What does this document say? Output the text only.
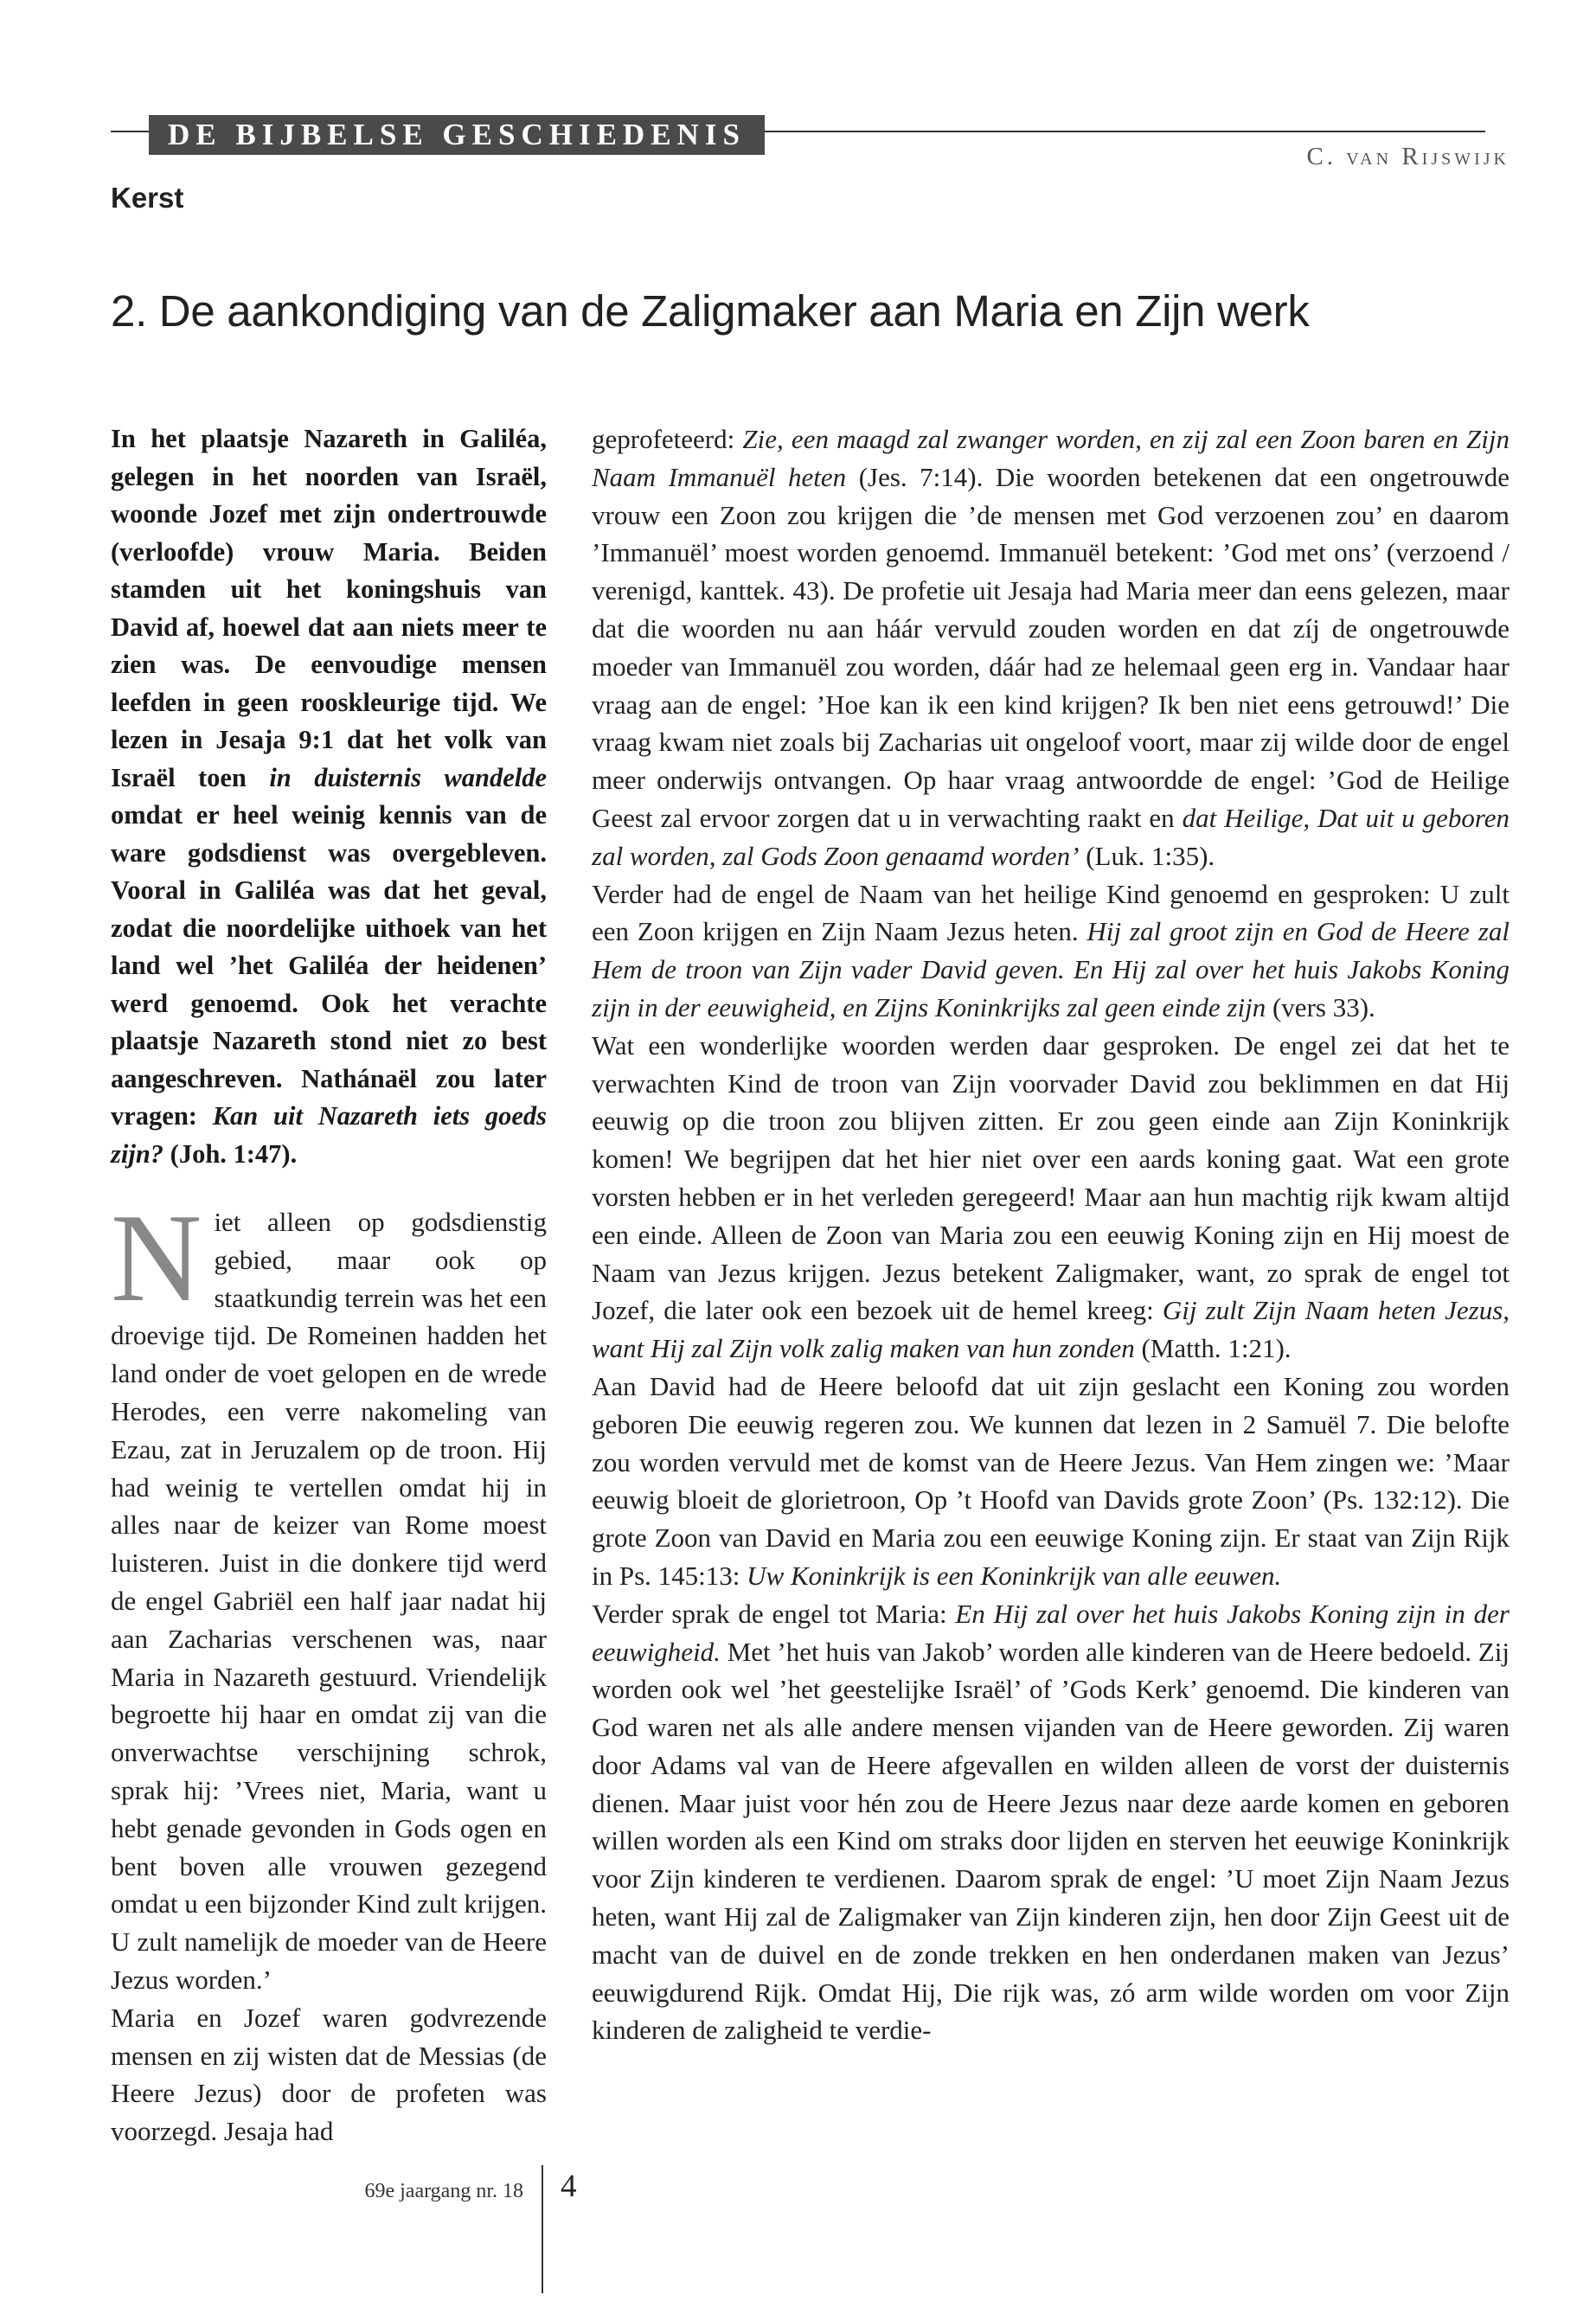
DE BIJBELSE GESCHIEDENIS
C. van Rijswijk
Kerst
2. De aankondiging van de Zaligmaker aan Maria en Zijn werk

In het plaatsje Nazareth in Galiléa, gelegen in het noorden van Israël, woonde Jozef met zijn ondertrouwde (verloofde) vrouw Maria. Beiden stamden uit het koningshuis van David af, hoewel dat aan niets meer te zien was. De eenvoudige mensen leefden in geen rooskleurige tijd. We lezen in Jesaja 9:1 dat het volk van Israël toen in duisternis wandelde omdat er heel weinig kennis van de ware godsdienst was overgebleven. Vooral in Galiléa was dat het geval, zodat die noordelijke uithoek van het land wel ’het Galiléa der heidenen’ werd genoemd. Ook het verachte plaatsje Nazareth stond niet zo best aangeschreven. Nathánaël zou later vragen: Kan uit Nazareth iets goeds zijn? (Joh. 1:47).

Niet alleen op godsdienstig gebied, maar ook op staatkundig terrein was het een droevige tijd. De Romeinen hadden het land onder de voet gelopen en de wrede Herodes, een verre nakomeling van Ezau, zat in Jeruzalem op de troon. Hij had weinig te vertellen omdat hij in alles naar de keizer van Rome moest luisteren. Juist in die donkere tijd werd de engel Gabriël een half jaar nadat hij aan Zacharias verschenen was, naar Maria in Nazareth gestuurd. Vriendelijk begroette hij haar en omdat zij van die onverwachtse verschijning schrok, sprak hij: ’Vrees niet, Maria, want u hebt genade gevonden in Gods ogen en bent boven alle vrouwen gezegend omdat u een bijzonder Kind zult krijgen. U zult namelijk de moeder van de Heere Jezus worden.’

Maria en Jozef waren godvrezende mensen en zij wisten dat de Messias (de Heere Jezus) door de profeten was voorzegd. Jesaja had

geprofeteerd: Zie, een maagd zal zwanger worden, en zij zal een Zoon baren en Zijn Naam Immanuël heten (Jes. 7:14). Die woorden betekenen dat een ongetrouwde vrouw een Zoon zou krijgen die ’de mensen met God verzoenen zou’ en daarom ’Immanuël’ moest worden genoemd. Immanuël betekent: ’God met ons’ (verzoend / verenigd, kanttek. 43). De profetie uit Jesaja had Maria meer dan eens gelezen, maar dat die woorden nu aan háár vervuld zouden worden en dat zíj de ongetrouwde moeder van Immanuël zou worden, dáár had ze helemaal geen erg in. Vandaar haar vraag aan de engel: ’Hoe kan ik een kind krijgen? Ik ben niet eens getrouwd!’ Die vraag kwam niet zoals bij Zacharias uit ongeloof voort, maar zij wilde door de engel meer onderwijs ontvangen. Op haar vraag antwoordde de engel: ’God de Heilige Geest zal ervoor zorgen dat u in verwachting raakt en dat Heilige, Dat uit u geboren zal worden, zal Gods Zoon genaamd worden’ (Luk. 1:35).

Verder had de engel de Naam van het heilige Kind genoemd en gesproken: U zult een Zoon krijgen en Zijn Naam Jezus heten. Hij zal groot zijn en God de Heere zal Hem de troon van Zijn vader David geven. En Hij zal over het huis Jakobs Koning zijn in der eeuwigheid, en Zijns Koninkrijks zal geen einde zijn (vers 33).

Wat een wonderlijke woorden werden daar gesproken. De engel zei dat het te verwachten Kind de troon van Zijn voorvader David zou beklimmen en dat Hij eeuwig op die troon zou blijven zitten. Er zou geen einde aan Zijn Koninkrijk komen! We begrijpen dat het hier niet over een aards koning gaat. Wat een grote vorsten hebben er in het verleden geregeerd! Maar aan hun machtig rijk kwam altijd een einde. Alleen de Zoon van Maria zou een eeuwig Koning zijn en Hij moest de Naam van Jezus krijgen. Jezus betekent Zaligmaker, want, zo sprak de engel tot Jozef, die later ook een bezoek uit de hemel kreeg: Gij zult Zijn Naam heten Jezus, want Hij zal Zijn volk zalig maken van hun zonden (Matth. 1:21).

Aan David had de Heere beloofd dat uit zijn geslacht een Koning zou worden geboren Die eeuwig regeren zou. We kunnen dat lezen in 2 Samuël 7. Die belofte zou worden vervuld met de komst van de Heere Jezus. Van Hem zingen we: ’Maar eeuwig bloeit de glorietroon, Op ’t Hoofd van Davids grote Zoon’ (Ps. 132:12). Die grote Zoon van David en Maria zou een eeuwige Koning zijn. Er staat van Zijn Rijk in Ps. 145:13: Uw Koninkrijk is een Koninkrijk van alle eeuwen.

Verder sprak de engel tot Maria: En Hij zal over het huis Jakobs Koning zijn in der eeuwigheid. Met ’het huis van Jakob’ worden alle kinderen van de Heere bedoeld. Zij worden ook wel ’het geestelijke Israël’ of ’Gods Kerk’ genoemd. Die kinderen van God waren net als alle andere mensen vijanden van de Heere geworden. Zij waren door Adams val van de Heere afgevallen en wilden alleen de vorst der duisternis dienen. Maar juist voor hén zou de Heere Jezus naar deze aarde komen en geboren willen worden als een Kind om straks door lijden en sterven het eeuwige Koninkrijk voor Zijn kinderen te verdienen. Daarom sprak de engel: ’U moet Zijn Naam Jezus heten, want Hij zal de Zaligmaker van Zijn kinderen zijn, hen door Zijn Geest uit de macht van de duivel en de zonde trekken en hen onderdanen maken van Jezus’ eeuwigdurend Rijk. Omdat Hij, Die rijk was, zó arm wilde worden om voor Zijn kinderen de zaligheid te verdie-

69e jaargang nr. 18 4
